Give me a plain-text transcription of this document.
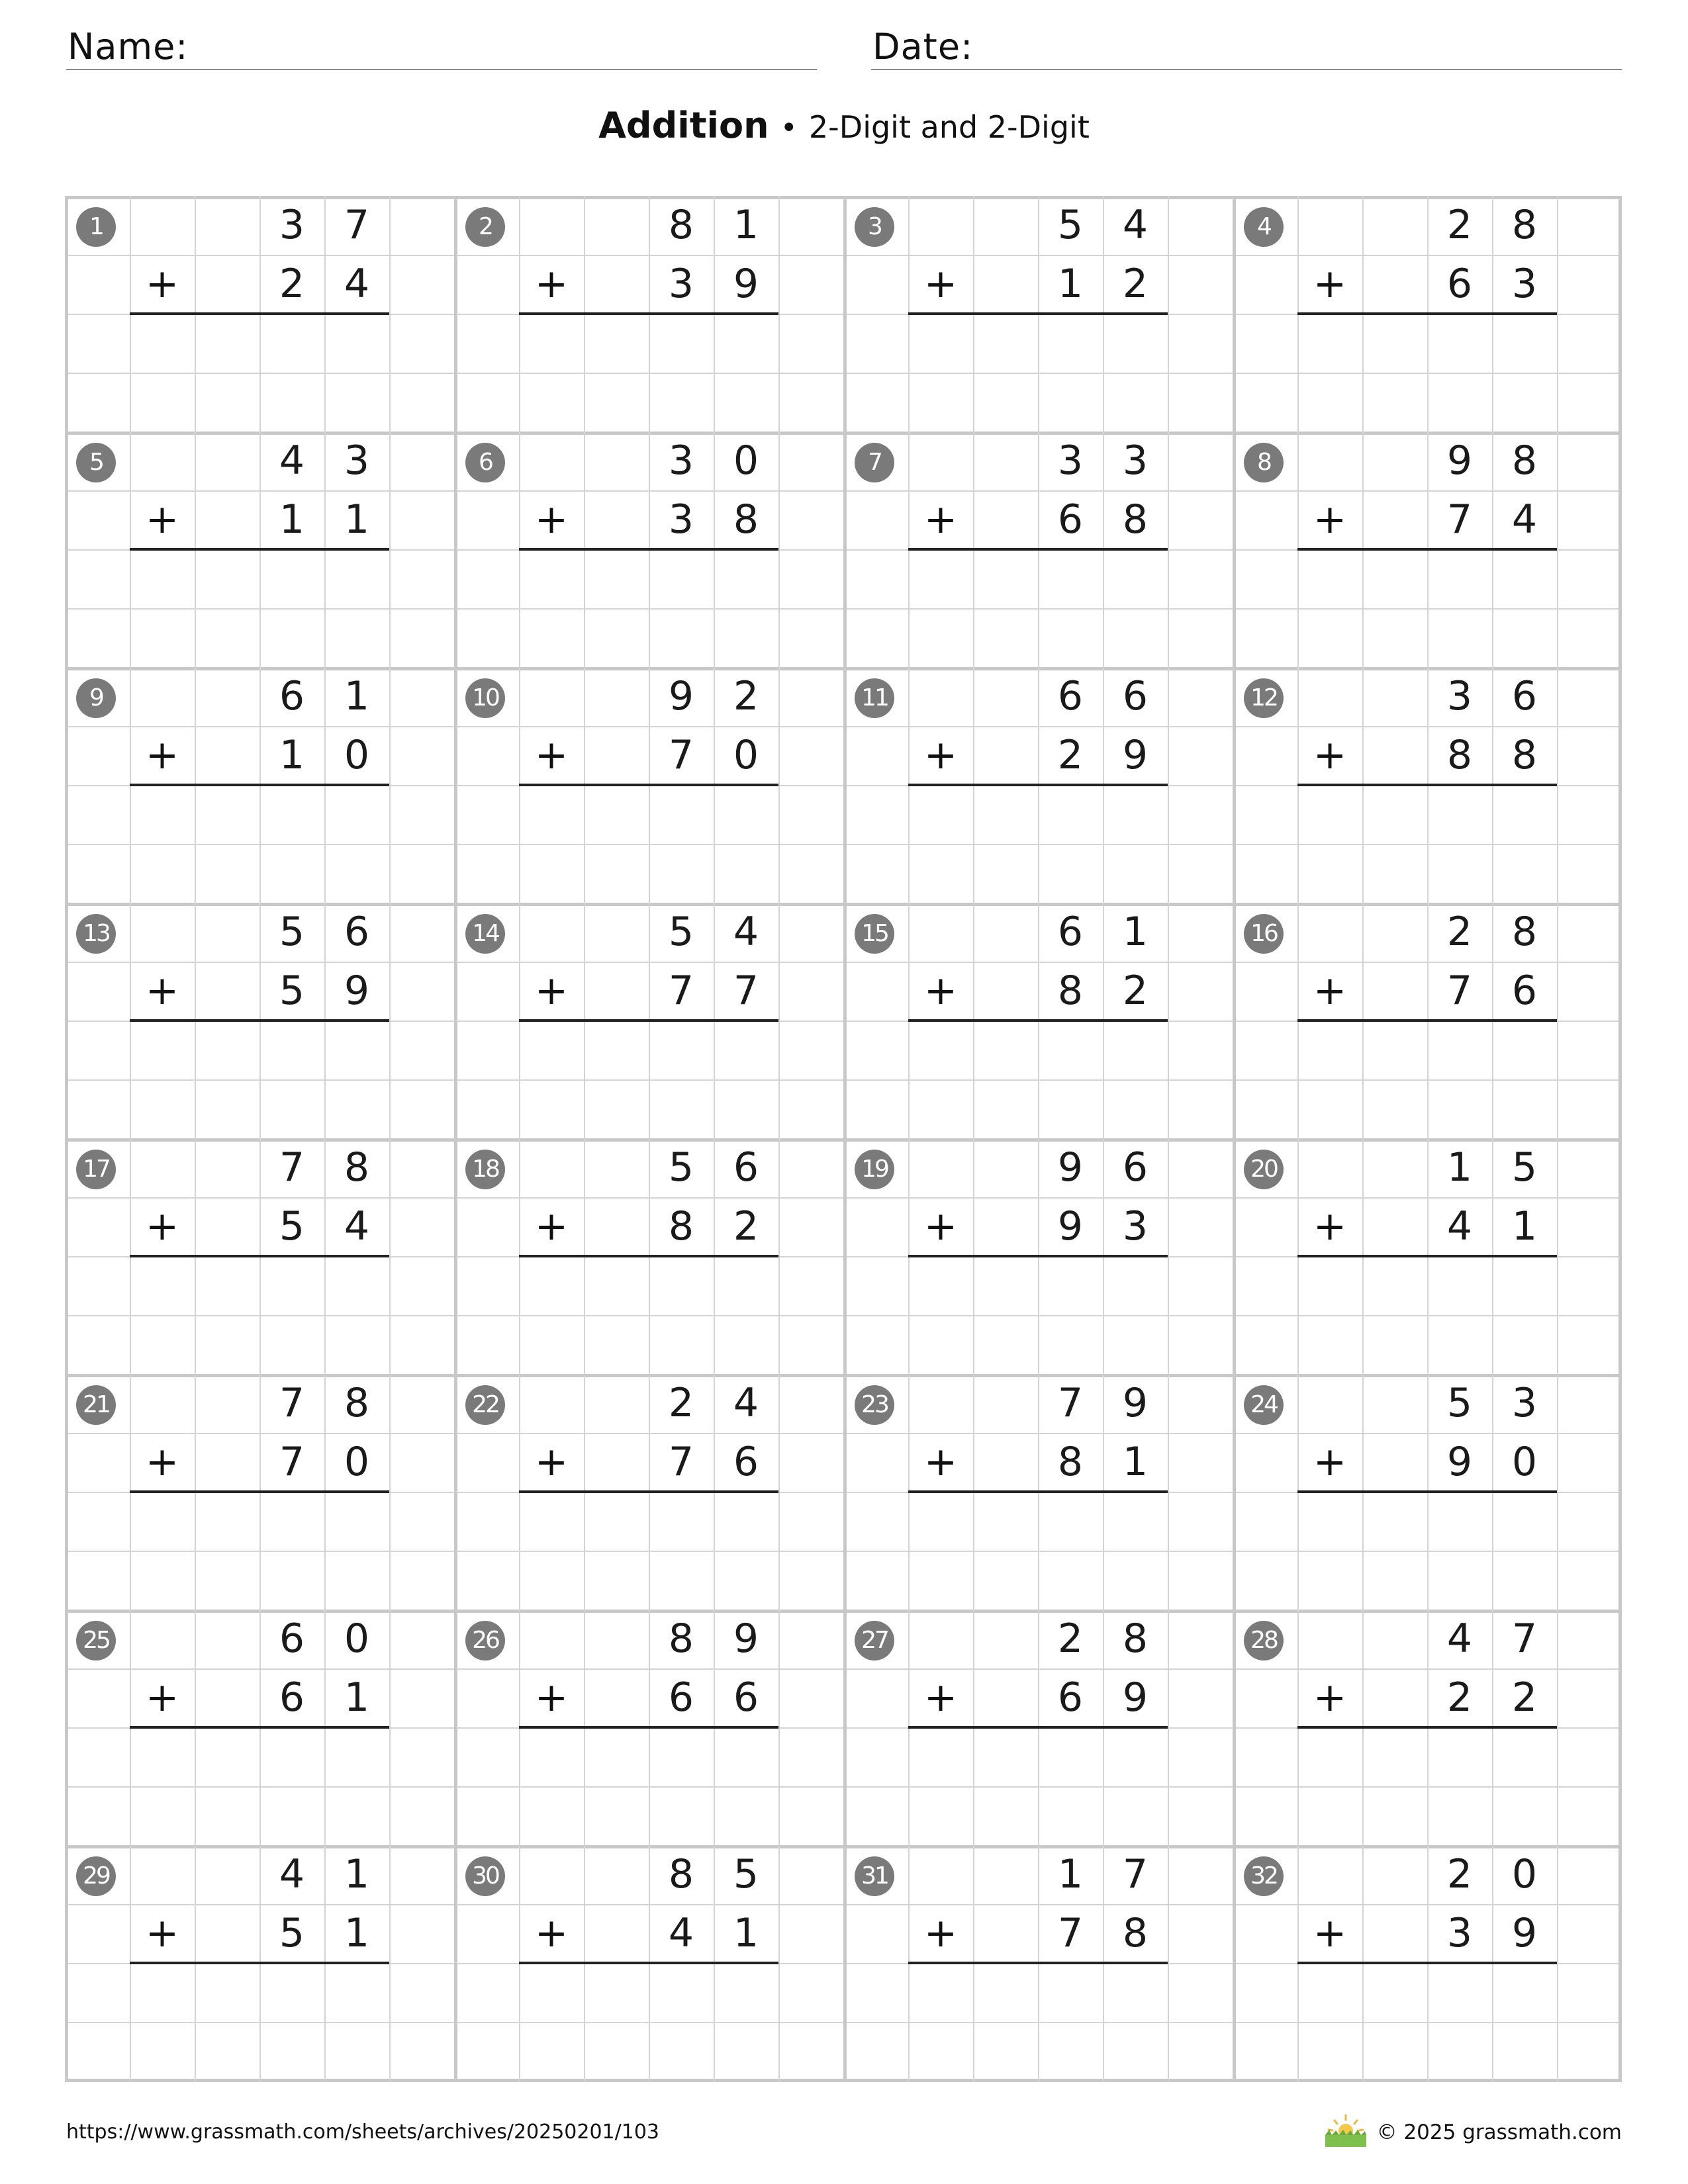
Name:	Date:
Addition • 2-Digit and 2-Digit
1	3 7
2 4
+
2	8 1
3 9
+
3	5 4
1 2
+
4	2 8
6 3
+
5	4 3
1 1
+
6	3 0
3 8
+
7	3 3
6 8
+
8	9 8
7 4
+
9	6 1
1 0
+
10	9 2
7 0
+
11	6 6
2 9
+
12	3 6
8 8
+
13	5 6
5 9
+
14	5 4
7 7
+
15	6 1
8 2
+
16	2 8
7 6
+
17	7 8
5 4
+
18	5 6
8 2
+
19	9 6
9 3
+
20	1 5
4 1
+
21	7 8
7 0
+
22	2 4
7 6
+
23	7 9
8 1
+
24	5 3
9 0
+
25	6 0
6 1
+
26	8 9
6 6
+
27	2 8
6 9
+
28	4 7
2 2
+
29	4 1
5 1
+
30	8 5
4 1
+
31	1 7
7 8
+
32	2 0
3 9
+
https://www.grassmath.com/sheets/archives/20250201/103	© 2025 grassmath.com
